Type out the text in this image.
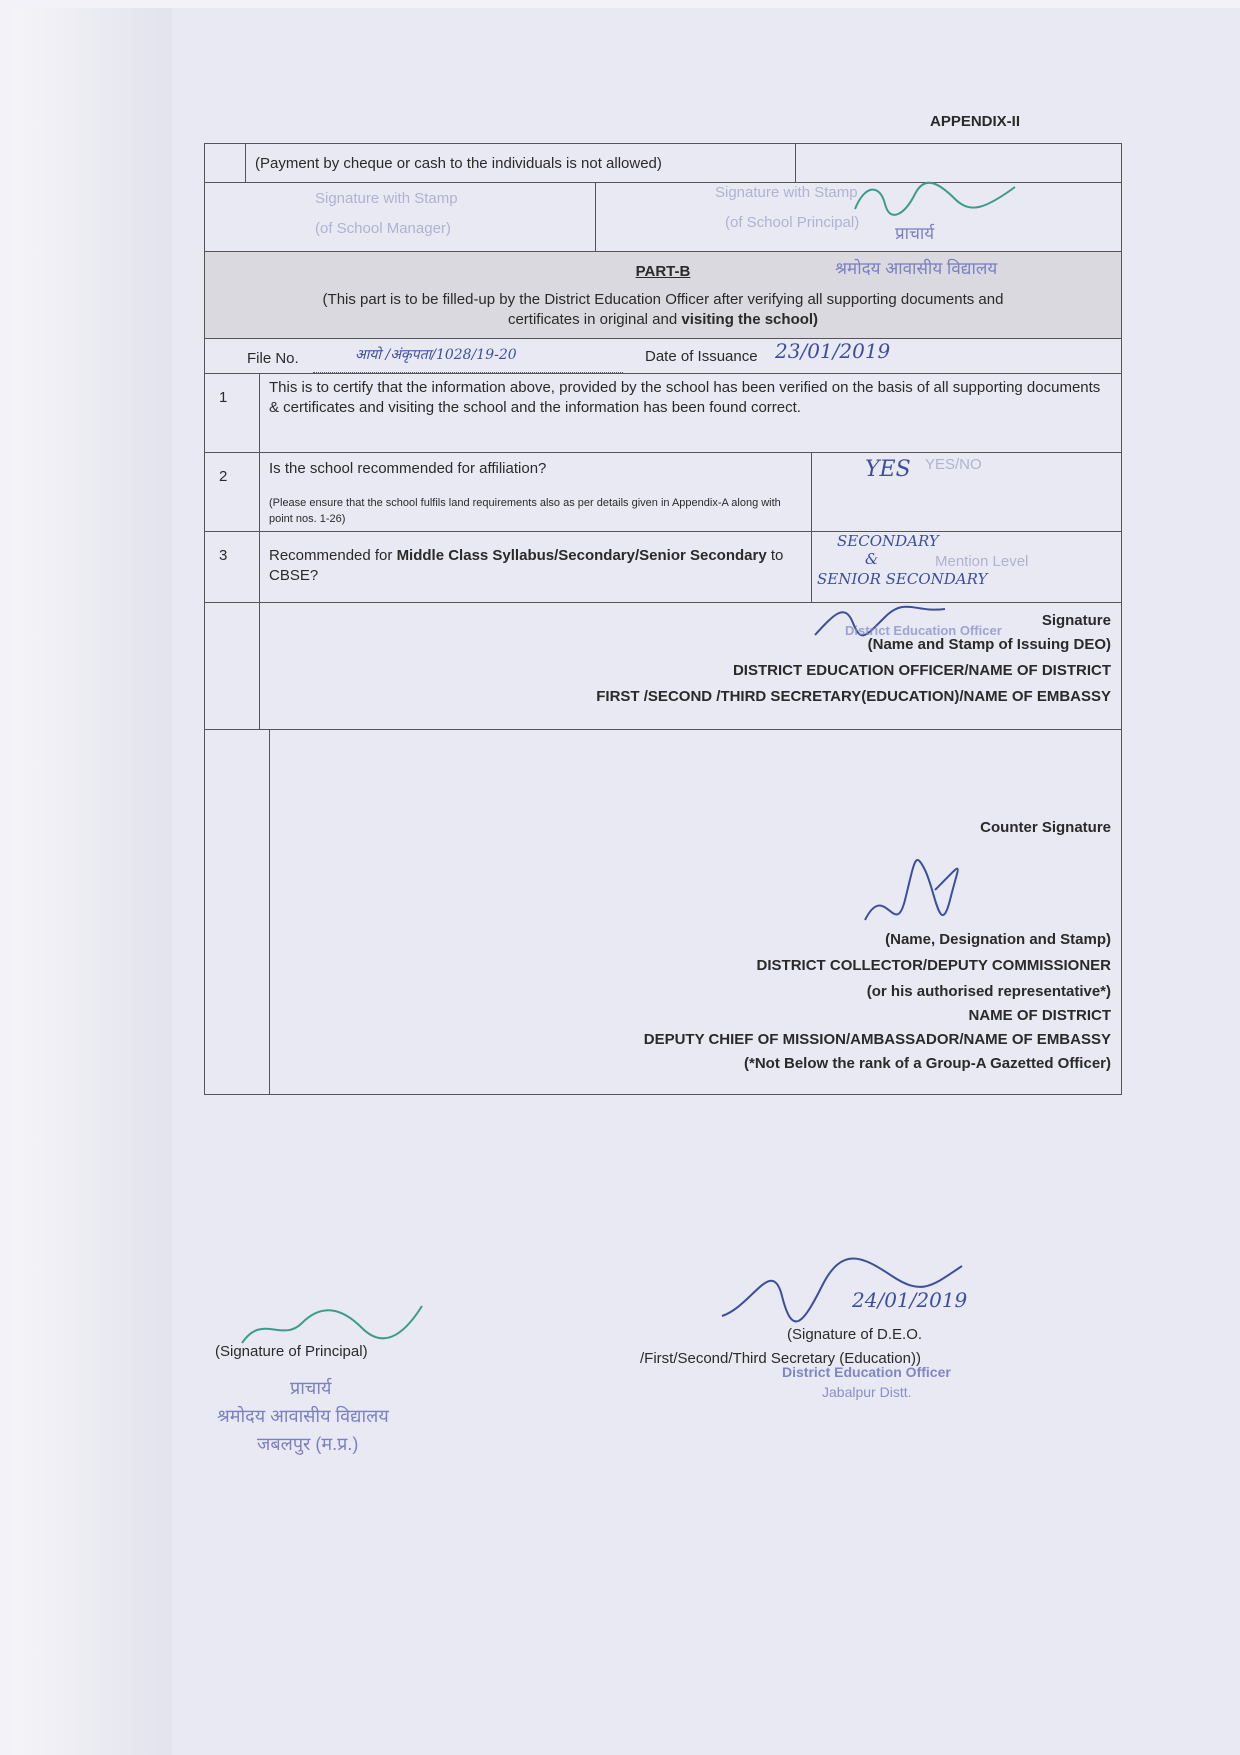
APPENDIX-II
(Payment by cheque or cash to the individuals is not allowed)
Signature with Stamp
(of School Manager)
Signature with Stamp
(of School Principal)
प्राचार्य
PART-B
(This part is to be filled-up by the District Education Officer after verifying all supporting documents and
certificates in original and visiting the school)
श्रमोदय आवासीय विद्यालय
File No.	आयो /अंकृपता/1028/19-20	Date of Issuance 23/01/2019
1
This is to certify that the information above, provided by the school has been verified on the basis of all supporting documents & certificates and visiting the school and the information has been found correct.
2	Is the school recommended for affiliation?
(Please ensure that the school fulfils land requirements also as per details given in Appendix-A along with point nos. 1-26)
YES/NO
YES
3	Recommended for Middle Class Syllabus/Secondary/Senior Secondary to CBSE?
Mention Level
SECONDARY
&
SENIOR SECONDARY
District Education Officer
Signature
(Name and Stamp of Issuing DEO)
DISTRICT EDUCATION OFFICER/NAME OF DISTRICT
FIRST /SECOND /THIRD SECRETARY(EDUCATION)/NAME OF EMBASSY
Counter Signature
(Name, Designation and Stamp)
DISTRICT COLLECTOR/DEPUTY COMMISSIONER
(or his authorised representative*)
NAME OF DISTRICT
DEPUTY CHIEF OF MISSION/AMBASSADOR/NAME OF EMBASSY
(*Not Below the rank of a Group-A Gazetted Officer)
(Signature of Principal)
प्राचार्य
श्रमोदय आवासीय विद्यालय
जबलपुर (म.प्र.)
24/01/2019
(Signature of D.E.O.
/First/Second/Third Secretary (Education))
District Education Officer
Jabalpur Distt.
